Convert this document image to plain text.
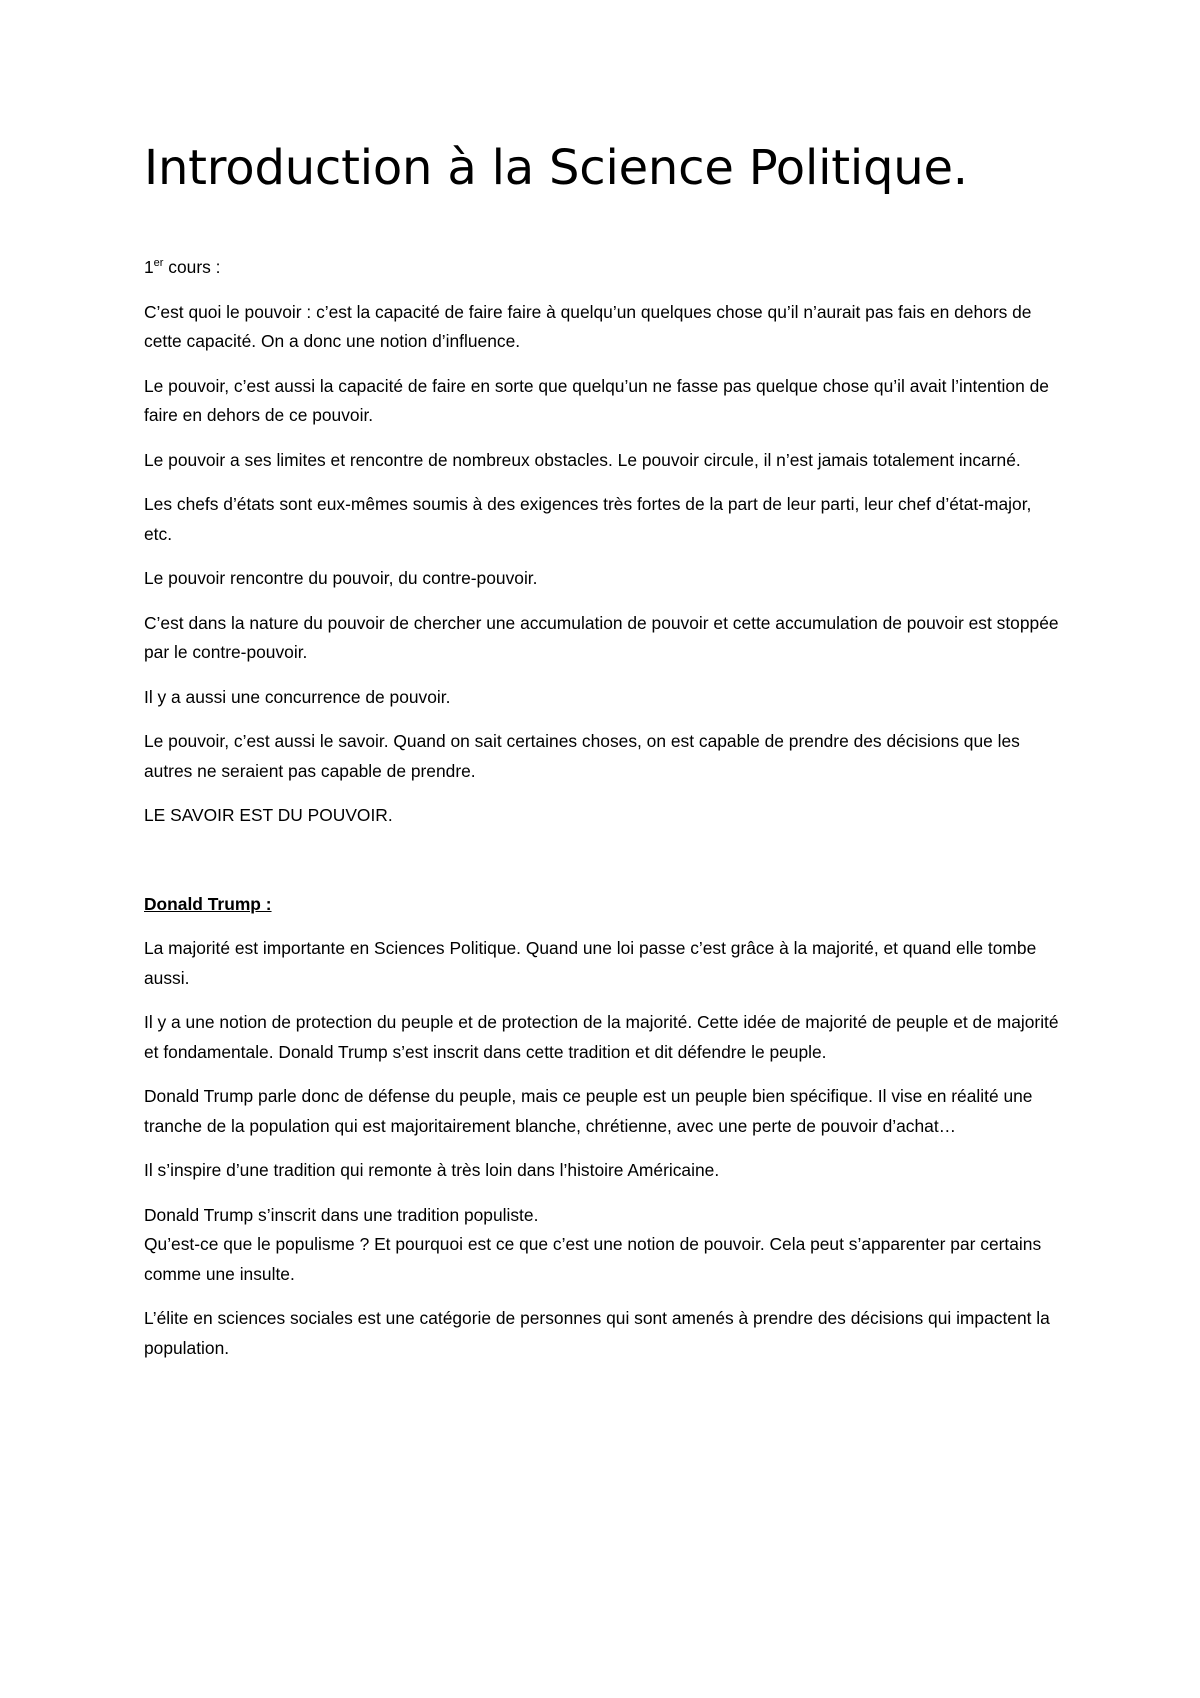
Introduction à la Science Politique.

1er cours :

C’est quoi le pouvoir : c’est la capacité de faire faire à quelqu’un quelques chose qu’il n’aurait pas fais en dehors de cette capacité. On a donc une notion d’influence.

Le pouvoir, c’est aussi la capacité de faire en sorte que quelqu’un ne fasse pas quelque chose qu’il avait l’intention de faire en dehors de ce pouvoir.

Le pouvoir a ses limites et rencontre de nombreux obstacles. Le pouvoir circule, il n’est jamais totalement incarné.

Les chefs d’états sont eux-mêmes soumis à des exigences très fortes de la part de leur parti, leur chef d’état-major, etc.

Le pouvoir rencontre du pouvoir, du contre-pouvoir.

C’est dans la nature du pouvoir de chercher une accumulation de pouvoir et cette accumulation de pouvoir est stoppée par le contre-pouvoir.

Il y a aussi une concurrence de pouvoir.

Le pouvoir, c’est aussi le savoir. Quand on sait certaines choses, on est capable de prendre des décisions que les autres ne seraient pas capable de prendre.

LE SAVOIR EST DU POUVOIR.

Donald Trump :

La majorité est importante en Sciences Politique. Quand une loi passe c’est grâce à la majorité, et quand elle tombe aussi.

Il y a une notion de protection du peuple et de protection de la majorité. Cette idée de majorité de peuple et de majorité et fondamentale. Donald Trump s’est inscrit dans cette tradition et dit défendre le peuple.

Donald Trump parle donc de défense du peuple, mais ce peuple est un peuple bien spécifique. Il vise en réalité une tranche de la population qui est majoritairement blanche, chrétienne, avec une perte de pouvoir d’achat…

Il s’inspire d’une tradition qui remonte à très loin dans l’histoire Américaine.

Donald Trump s’inscrit dans une tradition populiste.

Qu’est-ce que le populisme ? Et pourquoi est ce que c’est une notion de pouvoir. Cela peut s’apparenter par certains comme une insulte.

L’élite en sciences sociales est une catégorie de personnes qui sont amenés à prendre des décisions qui impactent la population.
